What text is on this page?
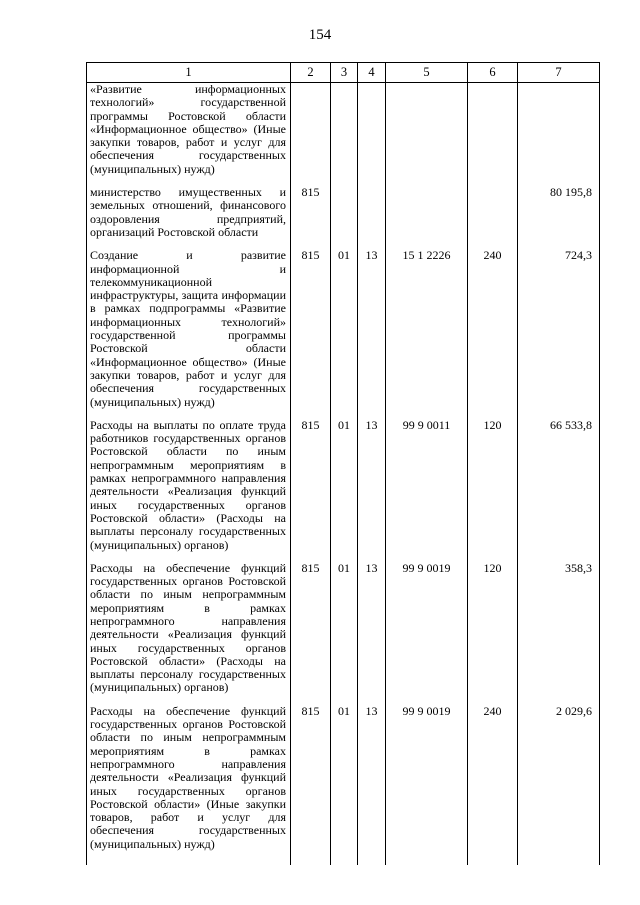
154
1	2	3	4	5	6	7
«Развитие информационных технологий» государственной программы Ростовской области «Информационное общество» (Иные закупки товаров, работ и услуг для обеспечения государственных (муниципальных) нужд)						
министерство имущественных и земельных отношений, финансового оздоровления предприятий, организаций Ростовской области	815					80 195,8
Создание и развитие информационной и телекоммуникационной инфраструктуры, защита информации в рамках подпрограммы «Развитие информационных технологий» государственной программы Ростовской области «Информационное общество» (Иные закупки товаров, работ и услуг для обеспечения государственных (муниципальных) нужд)	815	01	13	15 1 2226	240	724,3
Расходы на выплаты по оплате труда работников государственных органов Ростовской области по иным непрограммным мероприятиям в рамках непрограммного направления деятельности «Реализация функций иных государственных органов Ростовской области» (Расходы на выплаты персоналу государственных (муниципальных) органов)	815	01	13	99 9 0011	120	66 533,8
Расходы на обеспечение функций государственных органов Ростовской области по иным непрограммным мероприятиям в рамках непрограммного направления деятельности «Реализация функций иных государственных органов Ростовской области» (Расходы на выплаты персоналу государственных (муниципальных) органов)	815	01	13	99 9 0019	120	358,3
Расходы на обеспечение функций государственных органов Ростовской области по иным непрограммным мероприятиям в рамках непрограммного направления деятельности «Реализация функций иных государственных органов Ростовской области» (Иные закупки товаров, работ и услуг для обеспечения государственных (муниципальных) нужд)	815	01	13	99 9 0019	240	2 029,6
